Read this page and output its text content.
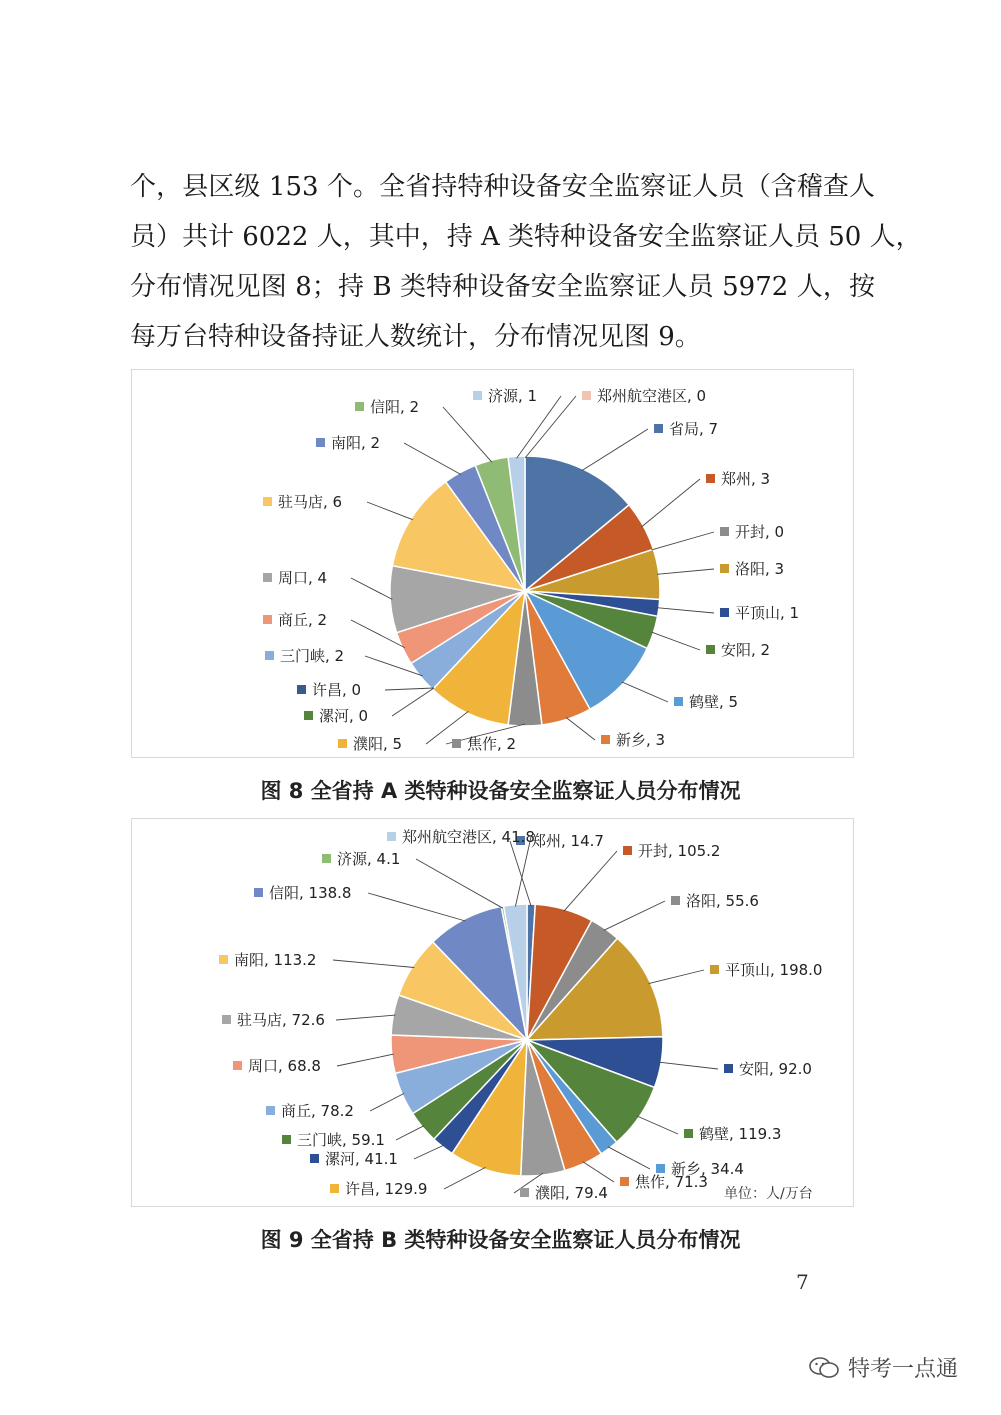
个，县区级 153 个。全省持特种设备安全监察证人员（含稽查人
员）共计 6022 人，其中，持 A 类特种设备安全监察证人员 50 人，
分布情况见图 8；持 B 类特种设备安全监察证人员 5972 人，按
每万台特种设备持证人数统计，分布情况见图 9。
省局, 7
郑州, 3
开封, 0
洛阳, 3
平顶山, 1
安阳, 2
鹤壁, 5
新乡, 3
焦作, 2
濮阳, 5
漯河, 0
许昌, 0
三门峡, 2
商丘, 2
周口, 4
驻马店, 6
南阳, 2
信阳, 2
济源, 1	郑州航空港区, 0
图 8 全省持 A 类特种设备安全监察证人员分布情况
郑州, 14.7
开封, 105.2
洛阳, 55.6
平顶山, 198.0
安阳, 92.0
鹤壁, 119.3
新乡, 34.4
焦作, 71.3
濮阳, 79.4
许昌, 129.9
漯河, 41.1
三门峡, 59.1
商丘, 78.2
周口, 68.8
驻马店, 72.6
南阳, 113.2
信阳, 138.8
济源, 4.1
郑州航空港区, 41.8
单位：人/万台
图 9 全省持 B 类特种设备安全监察证人员分布情况
7
特考一点通
